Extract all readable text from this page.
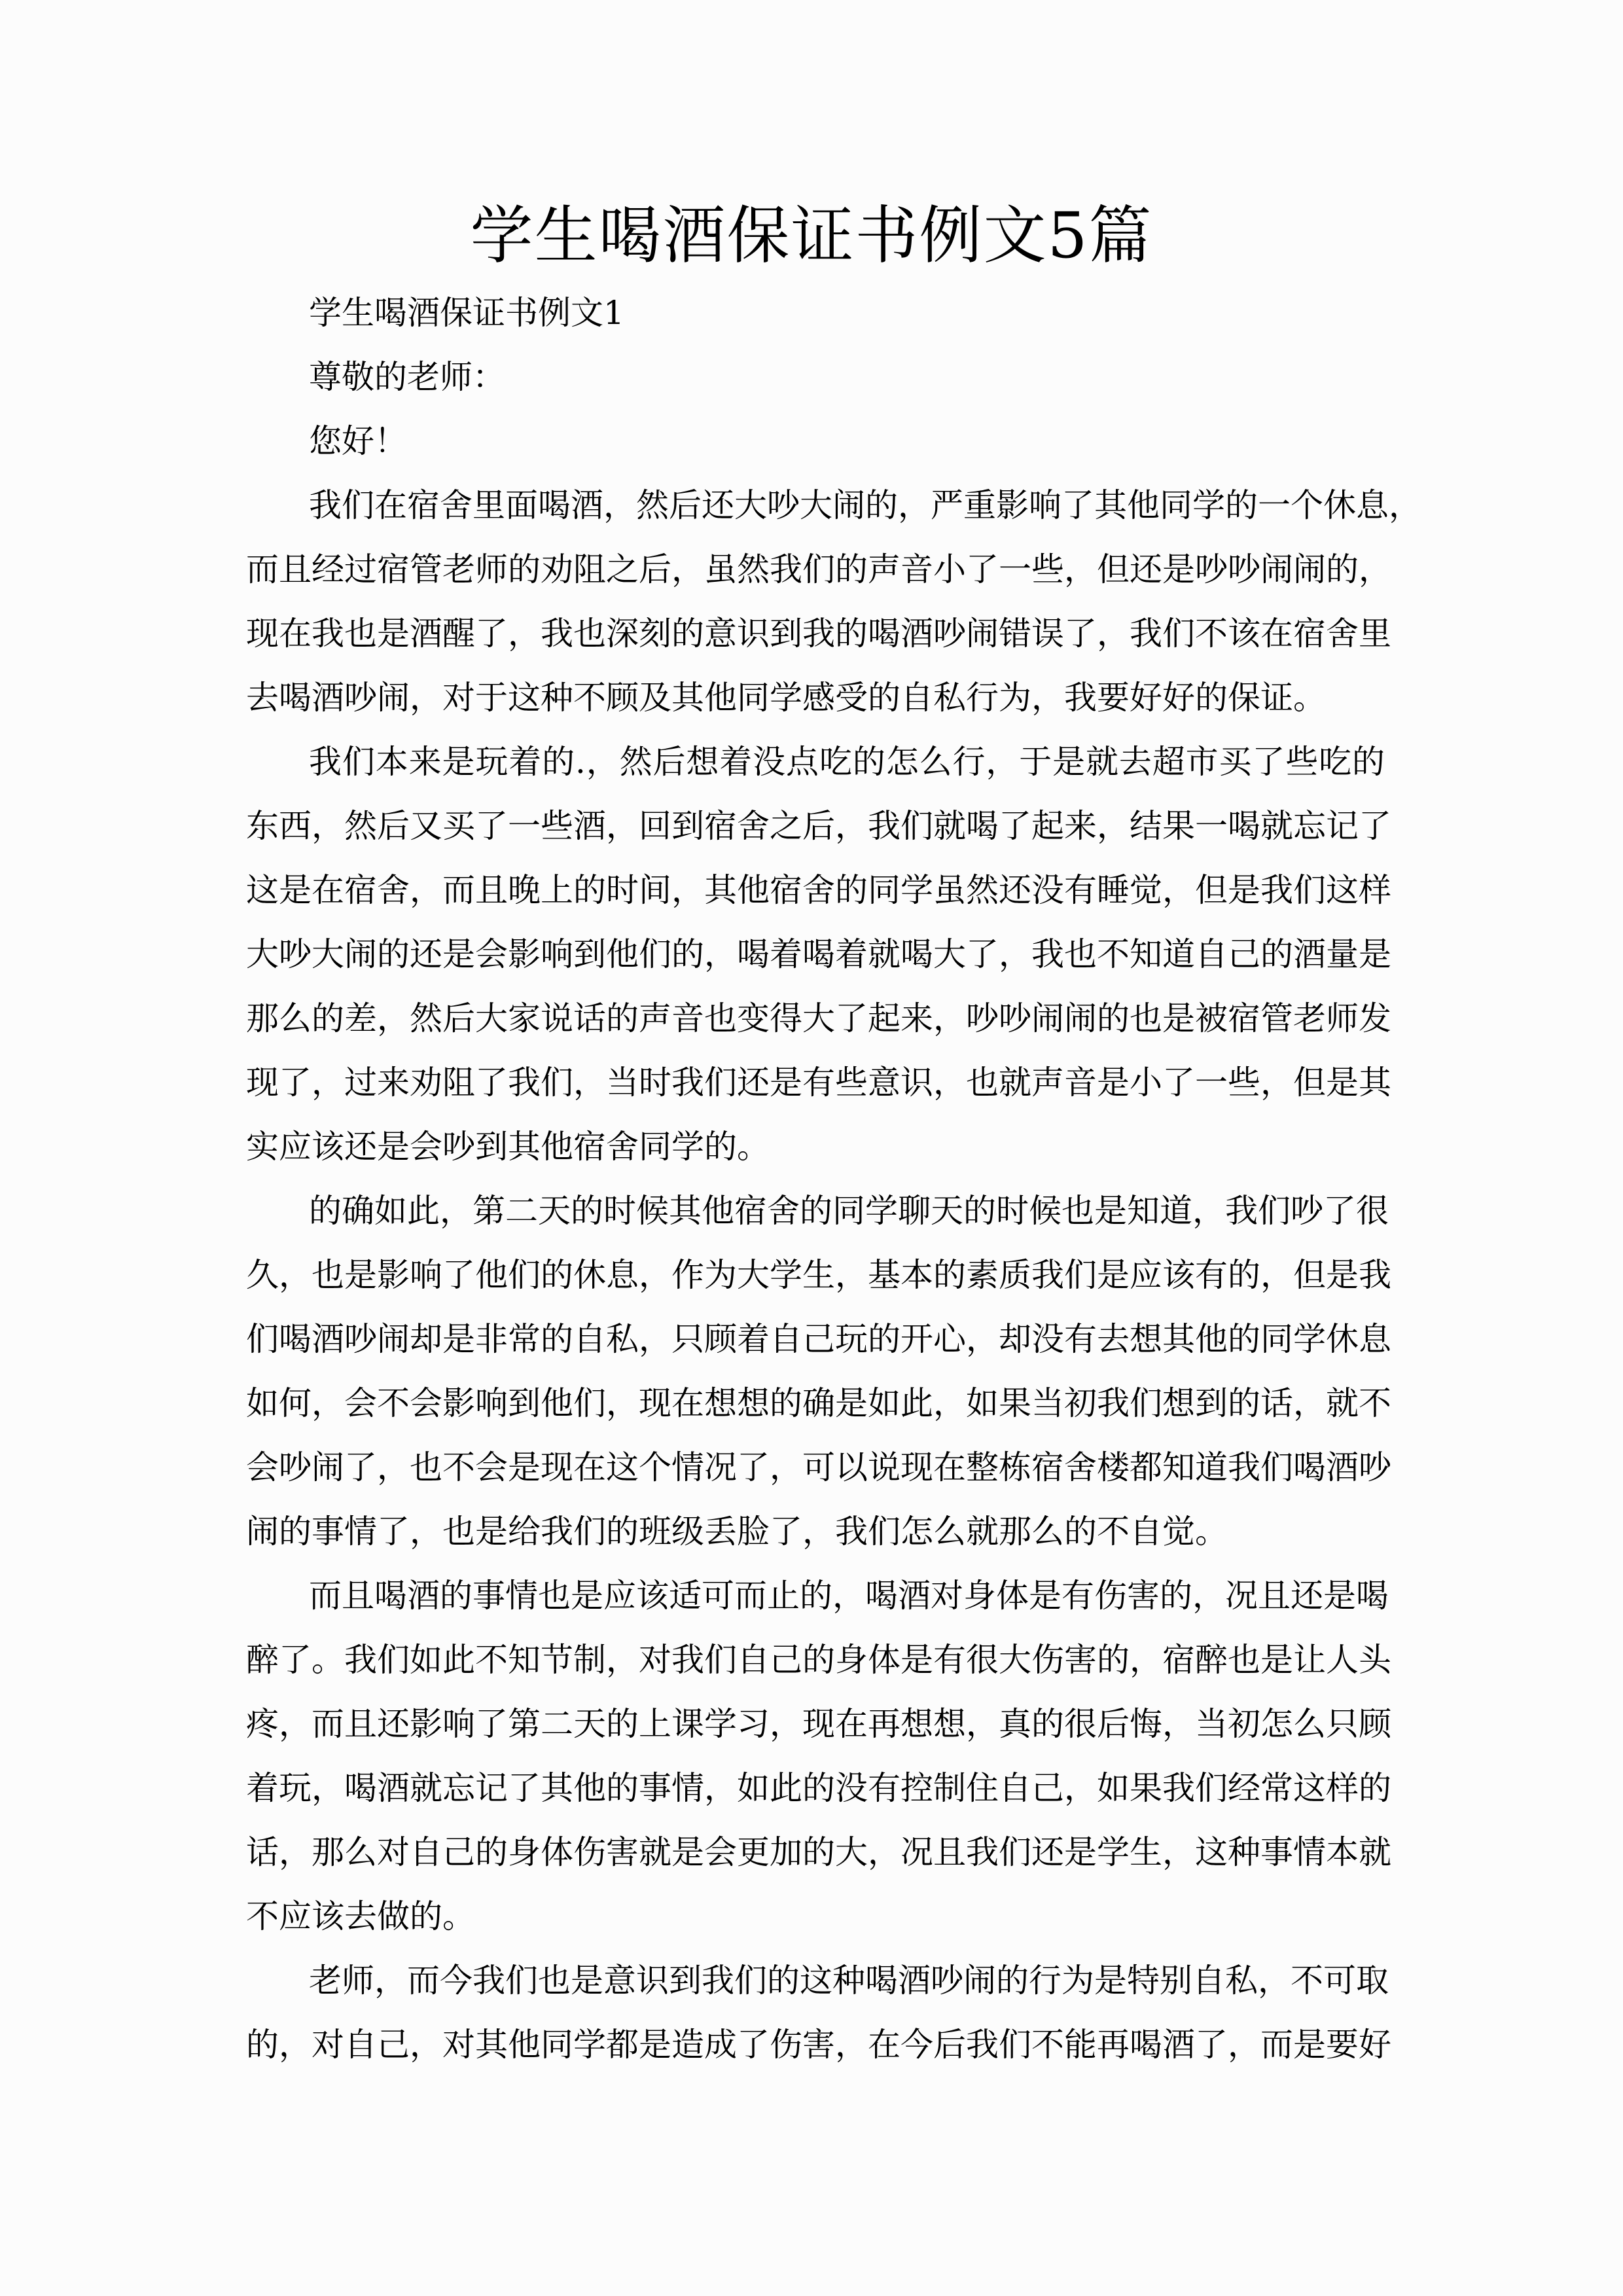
学生喝酒保证书例文5篇
学生喝酒保证书例文1
尊敬的老师：
您好！
我们在宿舍里面喝酒，然后还大吵大闹的，严重影响了其他同学的一个休息，
而且经过宿管老师的劝阻之后，虽然我们的声音小了一些，但还是吵吵闹闹的，
现在我也是酒醒了，我也深刻的意识到我的喝酒吵闹错误了，我们不该在宿舍里
去喝酒吵闹，对于这种不顾及其他同学感受的自私行为，我要好好的保证。
我们本来是玩着的.，然后想着没点吃的怎么行，于是就去超市买了些吃的
东西，然后又买了一些酒，回到宿舍之后，我们就喝了起来，结果一喝就忘记了
这是在宿舍，而且晚上的时间，其他宿舍的同学虽然还没有睡觉，但是我们这样
大吵大闹的还是会影响到他们的，喝着喝着就喝大了，我也不知道自己的酒量是
那么的差，然后大家说话的声音也变得大了起来，吵吵闹闹的也是被宿管老师发
现了，过来劝阻了我们，当时我们还是有些意识，也就声音是小了一些，但是其
实应该还是会吵到其他宿舍同学的。
的确如此，第二天的时候其他宿舍的同学聊天的时候也是知道，我们吵了很
久，也是影响了他们的休息，作为大学生，基本的素质我们是应该有的，但是我
们喝酒吵闹却是非常的自私，只顾着自己玩的开心，却没有去想其他的同学休息
如何，会不会影响到他们，现在想想的确是如此，如果当初我们想到的话，就不
会吵闹了，也不会是现在这个情况了，可以说现在整栋宿舍楼都知道我们喝酒吵
闹的事情了，也是给我们的班级丢脸了，我们怎么就那么的不自觉。
而且喝酒的事情也是应该适可而止的，喝酒对身体是有伤害的，况且还是喝
醉了。我们如此不知节制，对我们自己的身体是有很大伤害的，宿醉也是让人头
疼，而且还影响了第二天的上课学习，现在再想想，真的很后悔，当初怎么只顾
着玩，喝酒就忘记了其他的事情，如此的没有控制住自己，如果我们经常这样的
话，那么对自己的身体伤害就是会更加的大，况且我们还是学生，这种事情本就
不应该去做的。
老师，而今我们也是意识到我们的这种喝酒吵闹的行为是特别自私，不可取
的，对自己，对其他同学都是造成了伤害，在今后我们不能再喝酒了，而是要好
